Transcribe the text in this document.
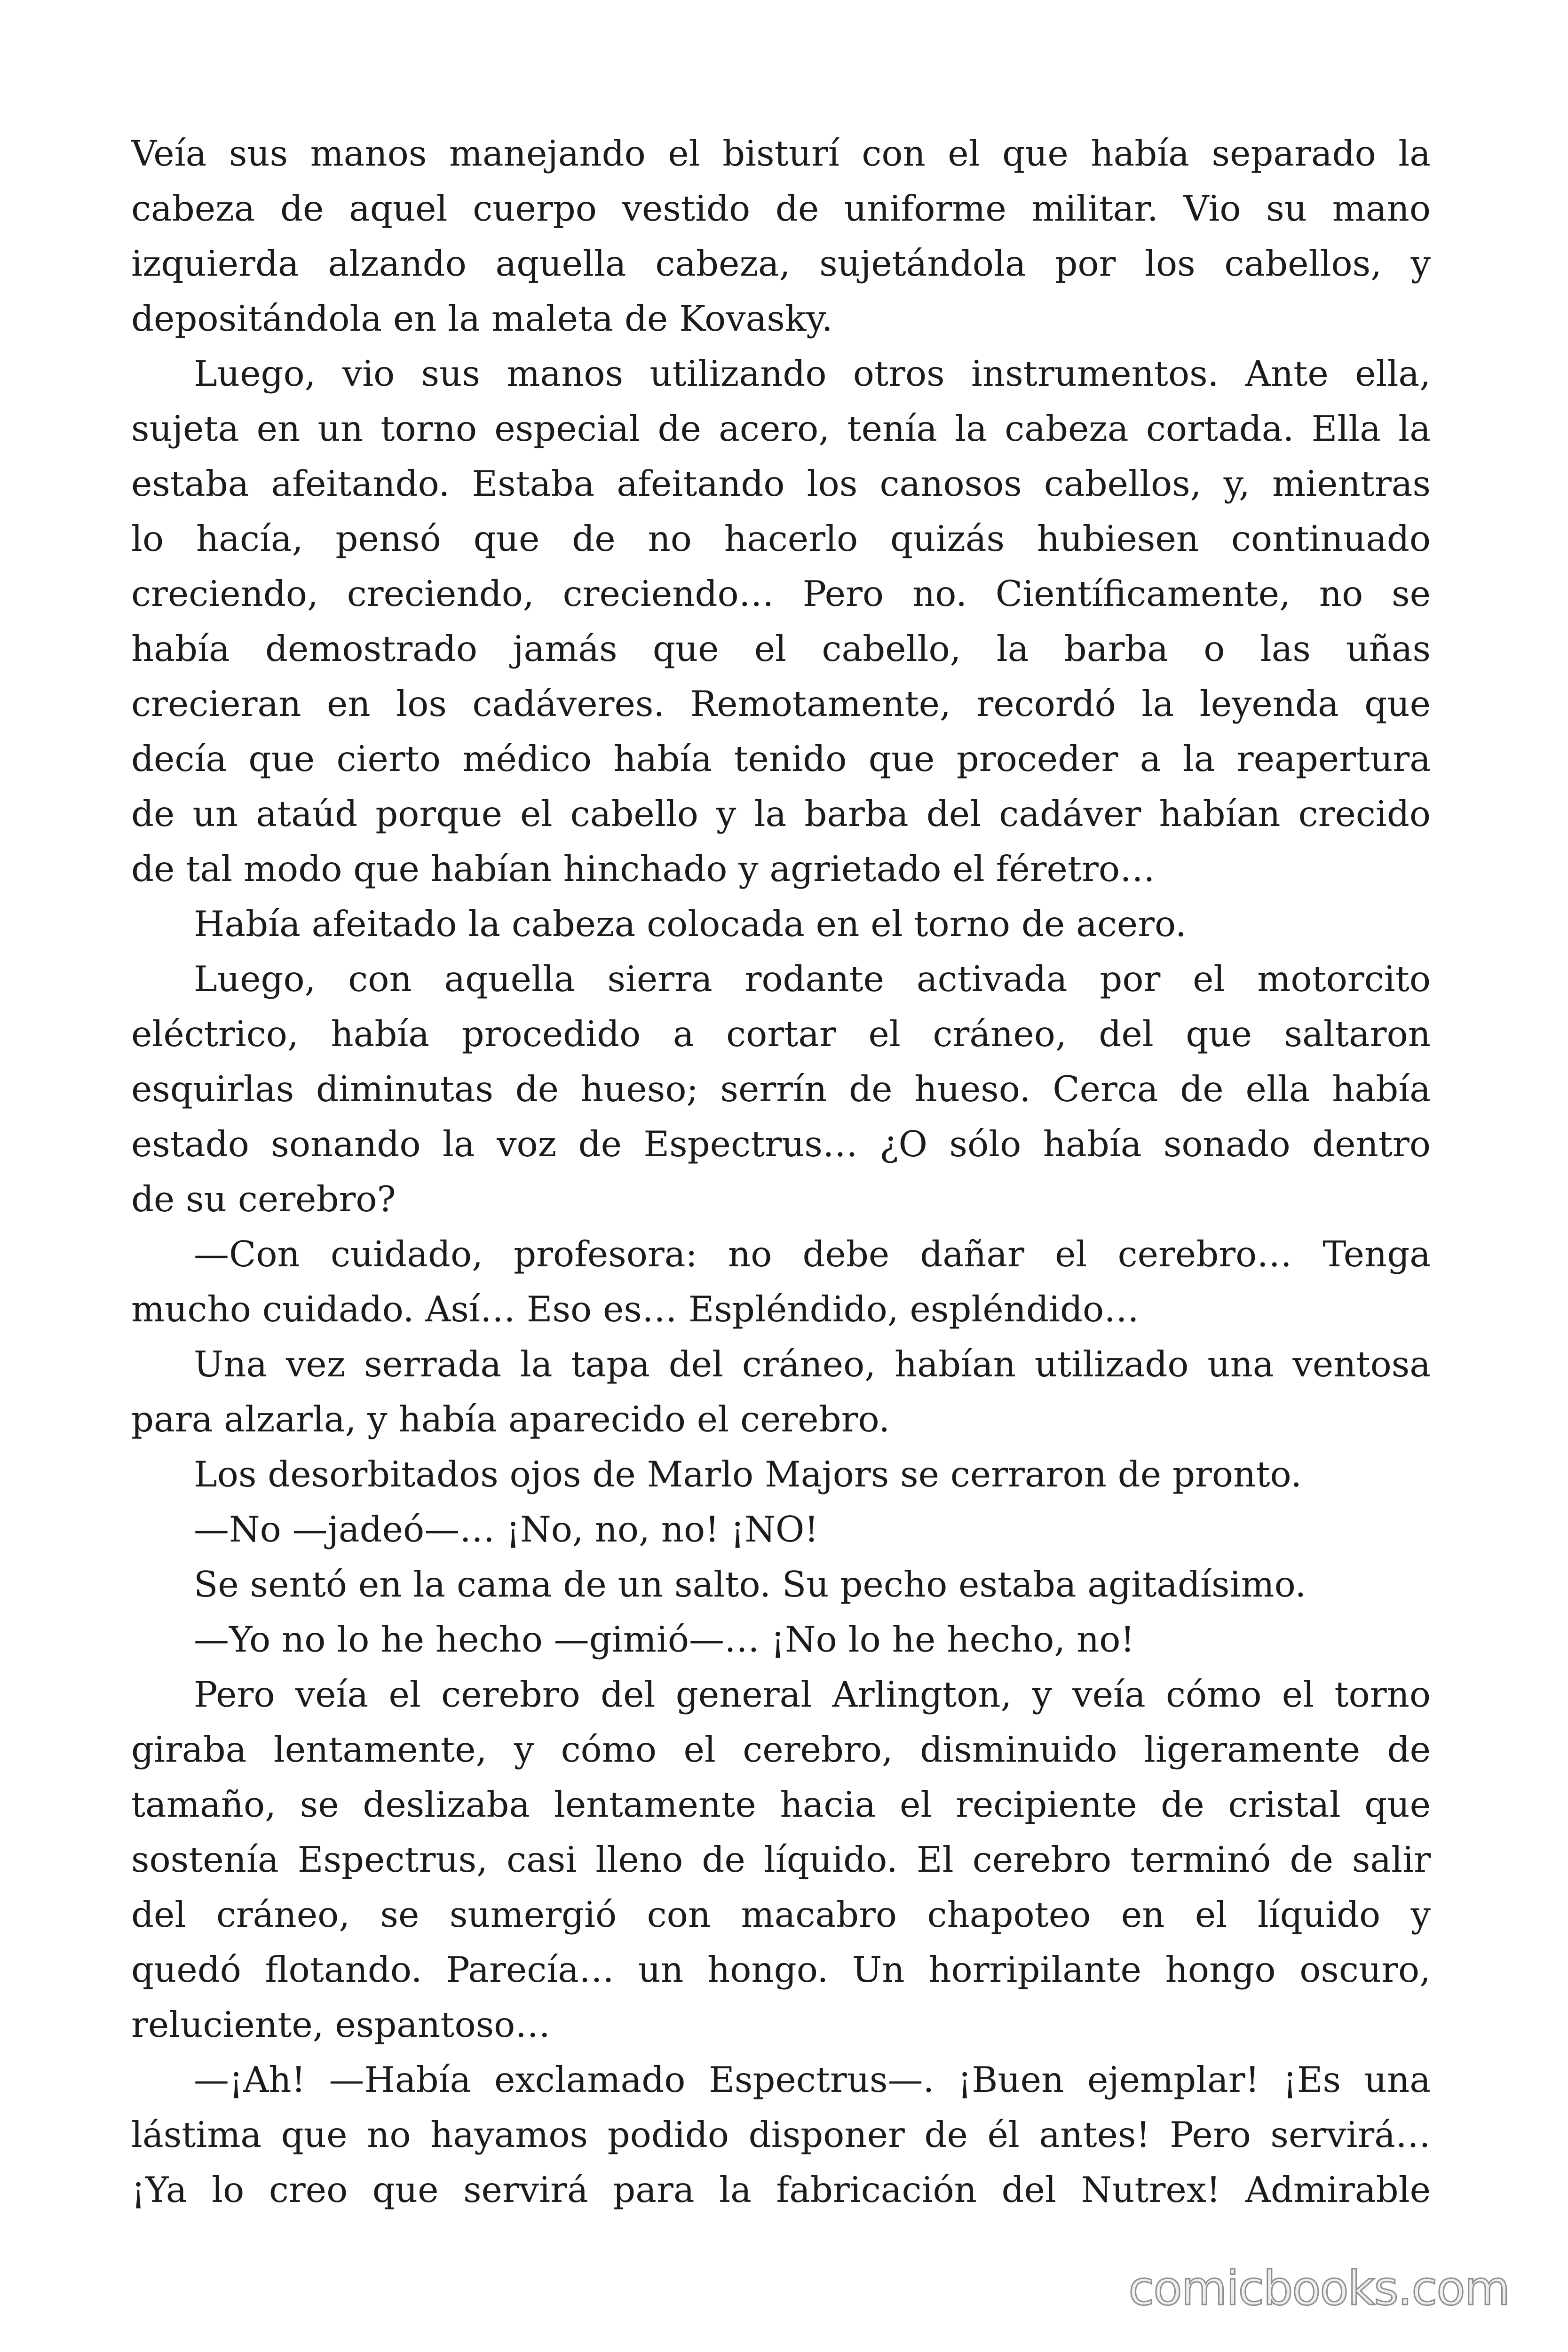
Veía sus manos manejando el bisturí con el que había separado la
cabeza de aquel cuerpo vestido de uniforme militar. Vio su mano
izquierda alzando aquella cabeza, sujetándola por los cabellos, y
depositándola en la maleta de Kovasky.
Luego, vio sus manos utilizando otros instrumentos. Ante ella,
sujeta en un torno especial de acero, tenía la cabeza cortada. Ella la
estaba afeitando. Estaba afeitando los canosos cabellos, y, mientras
lo hacía, pensó que de no hacerlo quizás hubiesen continuado
creciendo, creciendo, creciendo… Pero no. Científicamente, no se
había demostrado jamás que el cabello, la barba o las uñas
crecieran en los cadáveres. Remotamente, recordó la leyenda que
decía que cierto médico había tenido que proceder a la reapertura
de un ataúd porque el cabello y la barba del cadáver habían crecido
de tal modo que habían hinchado y agrietado el féretro…
Había afeitado la cabeza colocada en el torno de acero.
Luego, con aquella sierra rodante activada por el motorcito
eléctrico, había procedido a cortar el cráneo, del que saltaron
esquirlas diminutas de hueso; serrín de hueso. Cerca de ella había
estado sonando la voz de Espectrus… ¿O sólo había sonado dentro
de su cerebro?
—Con cuidado, profesora: no debe dañar el cerebro… Tenga
mucho cuidado. Así… Eso es… Espléndido, espléndido…
Una vez serrada la tapa del cráneo, habían utilizado una ventosa
para alzarla, y había aparecido el cerebro.
Los desorbitados ojos de Marlo Majors se cerraron de pronto.
—No —jadeó—… ¡No, no, no! ¡NO!
Se sentó en la cama de un salto. Su pecho estaba agitadísimo.
—Yo no lo he hecho —gimió—… ¡No lo he hecho, no!
Pero veía el cerebro del general Arlington, y veía cómo el torno
giraba lentamente, y cómo el cerebro, disminuido ligeramente de
tamaño, se deslizaba lentamente hacia el recipiente de cristal que
sostenía Espectrus, casi lleno de líquido. El cerebro terminó de salir
del cráneo, se sumergió con macabro chapoteo en el líquido y
quedó flotando. Parecía… un hongo. Un horripilante hongo oscuro,
reluciente, espantoso…
—¡Ah! —Había exclamado Espectrus—. ¡Buen ejemplar! ¡Es una
lástima que no hayamos podido disponer de él antes! Pero servirá…
¡Ya lo creo que servirá para la fabricación del Nutrex! Admirable
comicbooks.com
